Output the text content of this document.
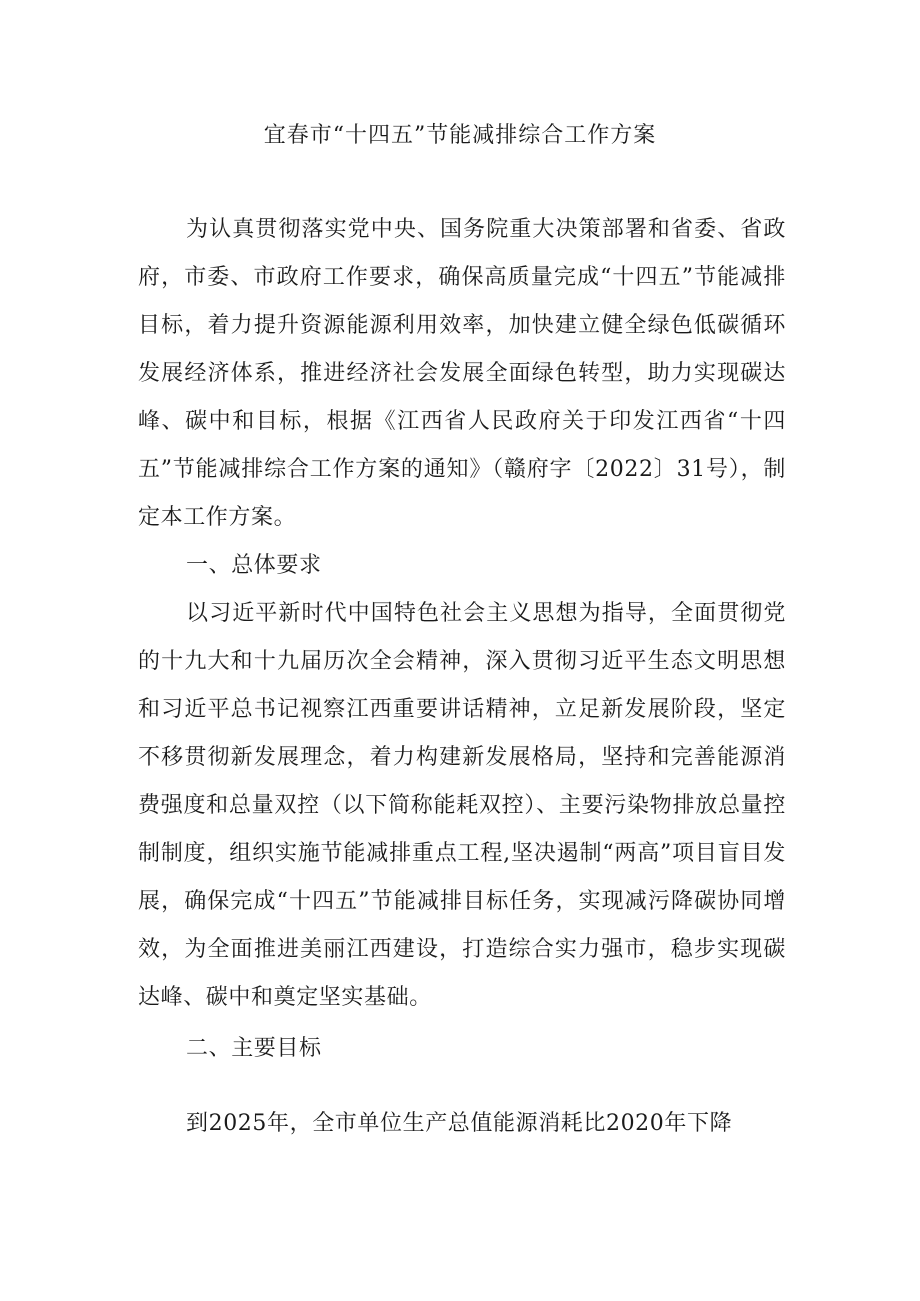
宜春市“十四五”节能减排综合工作方案

为认真贯彻落实党中央、国务院重大决策部署和省委、省政府，市委、市政府工作要求，确保高质量完成“十四五”节能减排目标，着力提升资源能源利用效率，加快建立健全绿色低碳循环发展经济体系，推进经济社会发展全面绿色转型，助力实现碳达峰、碳中和目标，根据《江西省人民政府关于印发江西省“十四五”节能减排综合工作方案的通知》（赣府字〔2022〕31号），制定本工作方案。

一、总体要求

以习近平新时代中国特色社会主义思想为指导，全面贯彻党的十九大和十九届历次全会精神，深入贯彻习近平生态文明思想和习近平总书记视察江西重要讲话精神，立足新发展阶段，坚定不移贯彻新发展理念，着力构建新发展格局，坚持和完善能源消费强度和总量双控（以下简称能耗双控）、主要污染物排放总量控制制度，组织实施节能减排重点工程,坚决遏制“两高”项目盲目发展，确保完成“十四五”节能减排目标任务，实现减污降碳协同增效，为全面推进美丽江西建设，打造综合实力强市，稳步实现碳达峰、碳中和奠定坚实基础。

二、主要目标

到2025年，全市单位生产总值能源消耗比2020年下降
